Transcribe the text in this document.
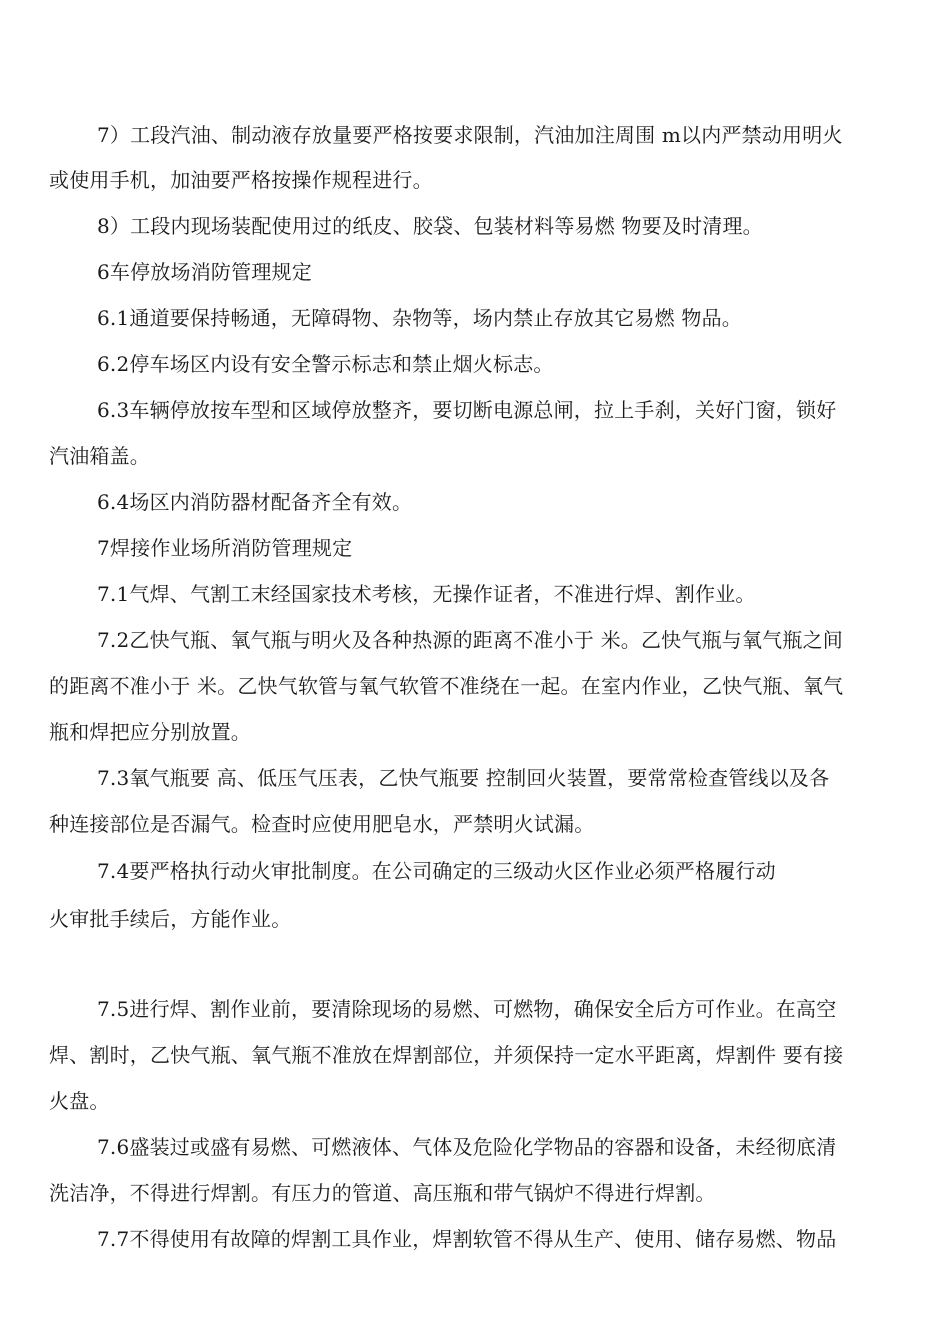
7）工段汽油、制动液存放量要严格按要求限制，汽油加注周围 m以内严禁动用明火
或使用手机，加油要严格按操作规程进行。
8）工段内现场装配使用过的纸皮、胶袋、包装材料等易燃 物要及时清理。
6车停放场消防管理规定
6.1通道要保持畅通，无障碍物、杂物等，场内禁止存放其它易燃 物品。
6.2停车场区内设有安全警示标志和禁止烟火标志。
6.3车辆停放按车型和区域停放整齐，要切断电源总闸，拉上手刹，关好门窗，锁好
汽油箱盖。
6.4场区内消防器材配备齐全有效。
7焊接作业场所消防管理规定
7.1气焊、气割工末经国家技术考核，无操作证者，不准进行焊、割作业。
7.2乙快气瓶、氧气瓶与明火及各种热源的距离不准小于 米。乙快气瓶与氧气瓶之间
的距离不准小于 米。乙快气软管与氧气软管不准绕在一起。在室内作业，乙快气瓶、氧气
瓶和焊把应分别放置。
7.3氧气瓶要 高、低压气压表，乙快气瓶要 控制回火装置，要常常检查管线以及各
种连接部位是否漏气。检查时应使用肥皂水，严禁明火试漏。
7.4要严格执行动火审批制度。在公司确定的三级动火区作业必须严格履行动
火审批手续后，方能作业。
7.5进行焊、割作业前，要清除现场的易燃、可燃物，确保安全后方可作业。在高空
焊、割时，乙快气瓶、氧气瓶不准放在焊割部位，并须保持一定水平距离，焊割件 要有接
火盘。
7.6盛装过或盛有易燃、可燃液体、气体及危险化学物品的容器和设备，未经彻底清
洗洁净，不得进行焊割。有压力的管道、高压瓶和带气锅炉不得进行焊割。
7.7不得使用有故障的焊割工具作业，焊割软管不得从生产、使用、储存易燃、物品
